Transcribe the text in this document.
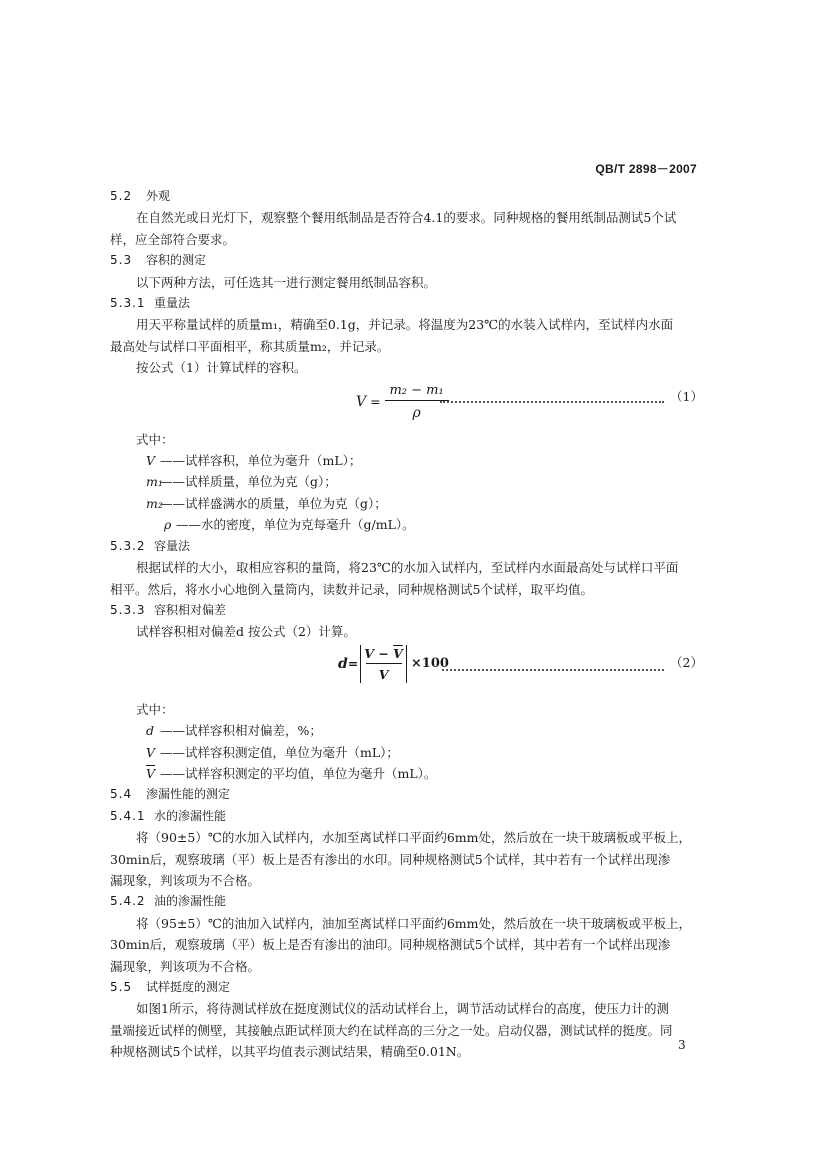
QB/T 2898－2007
5.2 外观
在自然光或日光灯下，观察整个餐用纸制品是否符合4.1的要求。同种规格的餐用纸制品测试5个试
样，应全部符合要求。
5.3 容积的测定
以下两种方法，可任选其一进行测定餐用纸制品容积。
5.3.1 重量法
用天平称量试样的质量m₁，精确至0.1g，并记录。将温度为23℃的水装入试样内，至试样内水面
最高处与试样口平面相平，称其质量m₂，并记录。
按公式（1）计算试样的容积。
$V = \frac{\text{m₂ − m₁}}{\rho}$	（1）
式中：
V ——试样容积，单位为毫升（mL）；
m₁——试样质量，单位为克（g）；
m₂——试样盛满水的质量，单位为克（g）；
ρ ——水的密度，单位为克每毫升（g/mL）。
5.3.2 容量法
根据试样的大小，取相应容积的量筒，将23℃的水加入试样内，至试样内水面最高处与试样口平面
相平。然后，将水小心地倒入量筒内，读数并记录，同种规格测试5个试样，取平均值。
5.3.3 容积相对偏差
试样容积相对偏差d 按公式（2）计算。
$d = \frac{V - \overline{V}}{V} \times 100$	（2）
式中：
d ——试样容积相对偏差，%；
V ——试样容积测定值，单位为毫升（mL）；
$\overline{V}$ ——试样容积测定的平均值，单位为毫升（mL）。
5.4 渗漏性能的测定
5.4.1 水的渗漏性能
将（90±5）℃的水加入试样内，水加至离试样口平面约6mm处，然后放在一块干玻璃板或平板上，
30min后，观察玻璃（平）板上是否有渗出的水印。同种规格测试5个试样，其中若有一个试样出现渗
漏现象，判该项为不合格。
5.4.2 油的渗漏性能
将（95±5）℃的油加入试样内，油加至离试样口平面约6mm处，然后放在一块干玻璃板或平板上，
30min后，观察玻璃（平）板上是否有渗出的油印。同种规格测试5个试样，其中若有一个试样出现渗
漏现象，判该项为不合格。
5.5 试样挺度的测定
如图1所示，将待测试样放在挺度测试仪的活动试样台上，调节活动试样台的高度，使压力计的测
量端接近试样的侧壁，其接触点距试样顶大约在试样高的三分之一处。启动仪器，测试试样的挺度。同
种规格测试5个试样，以其平均值表示测试结果，精确至0.01N。	3
